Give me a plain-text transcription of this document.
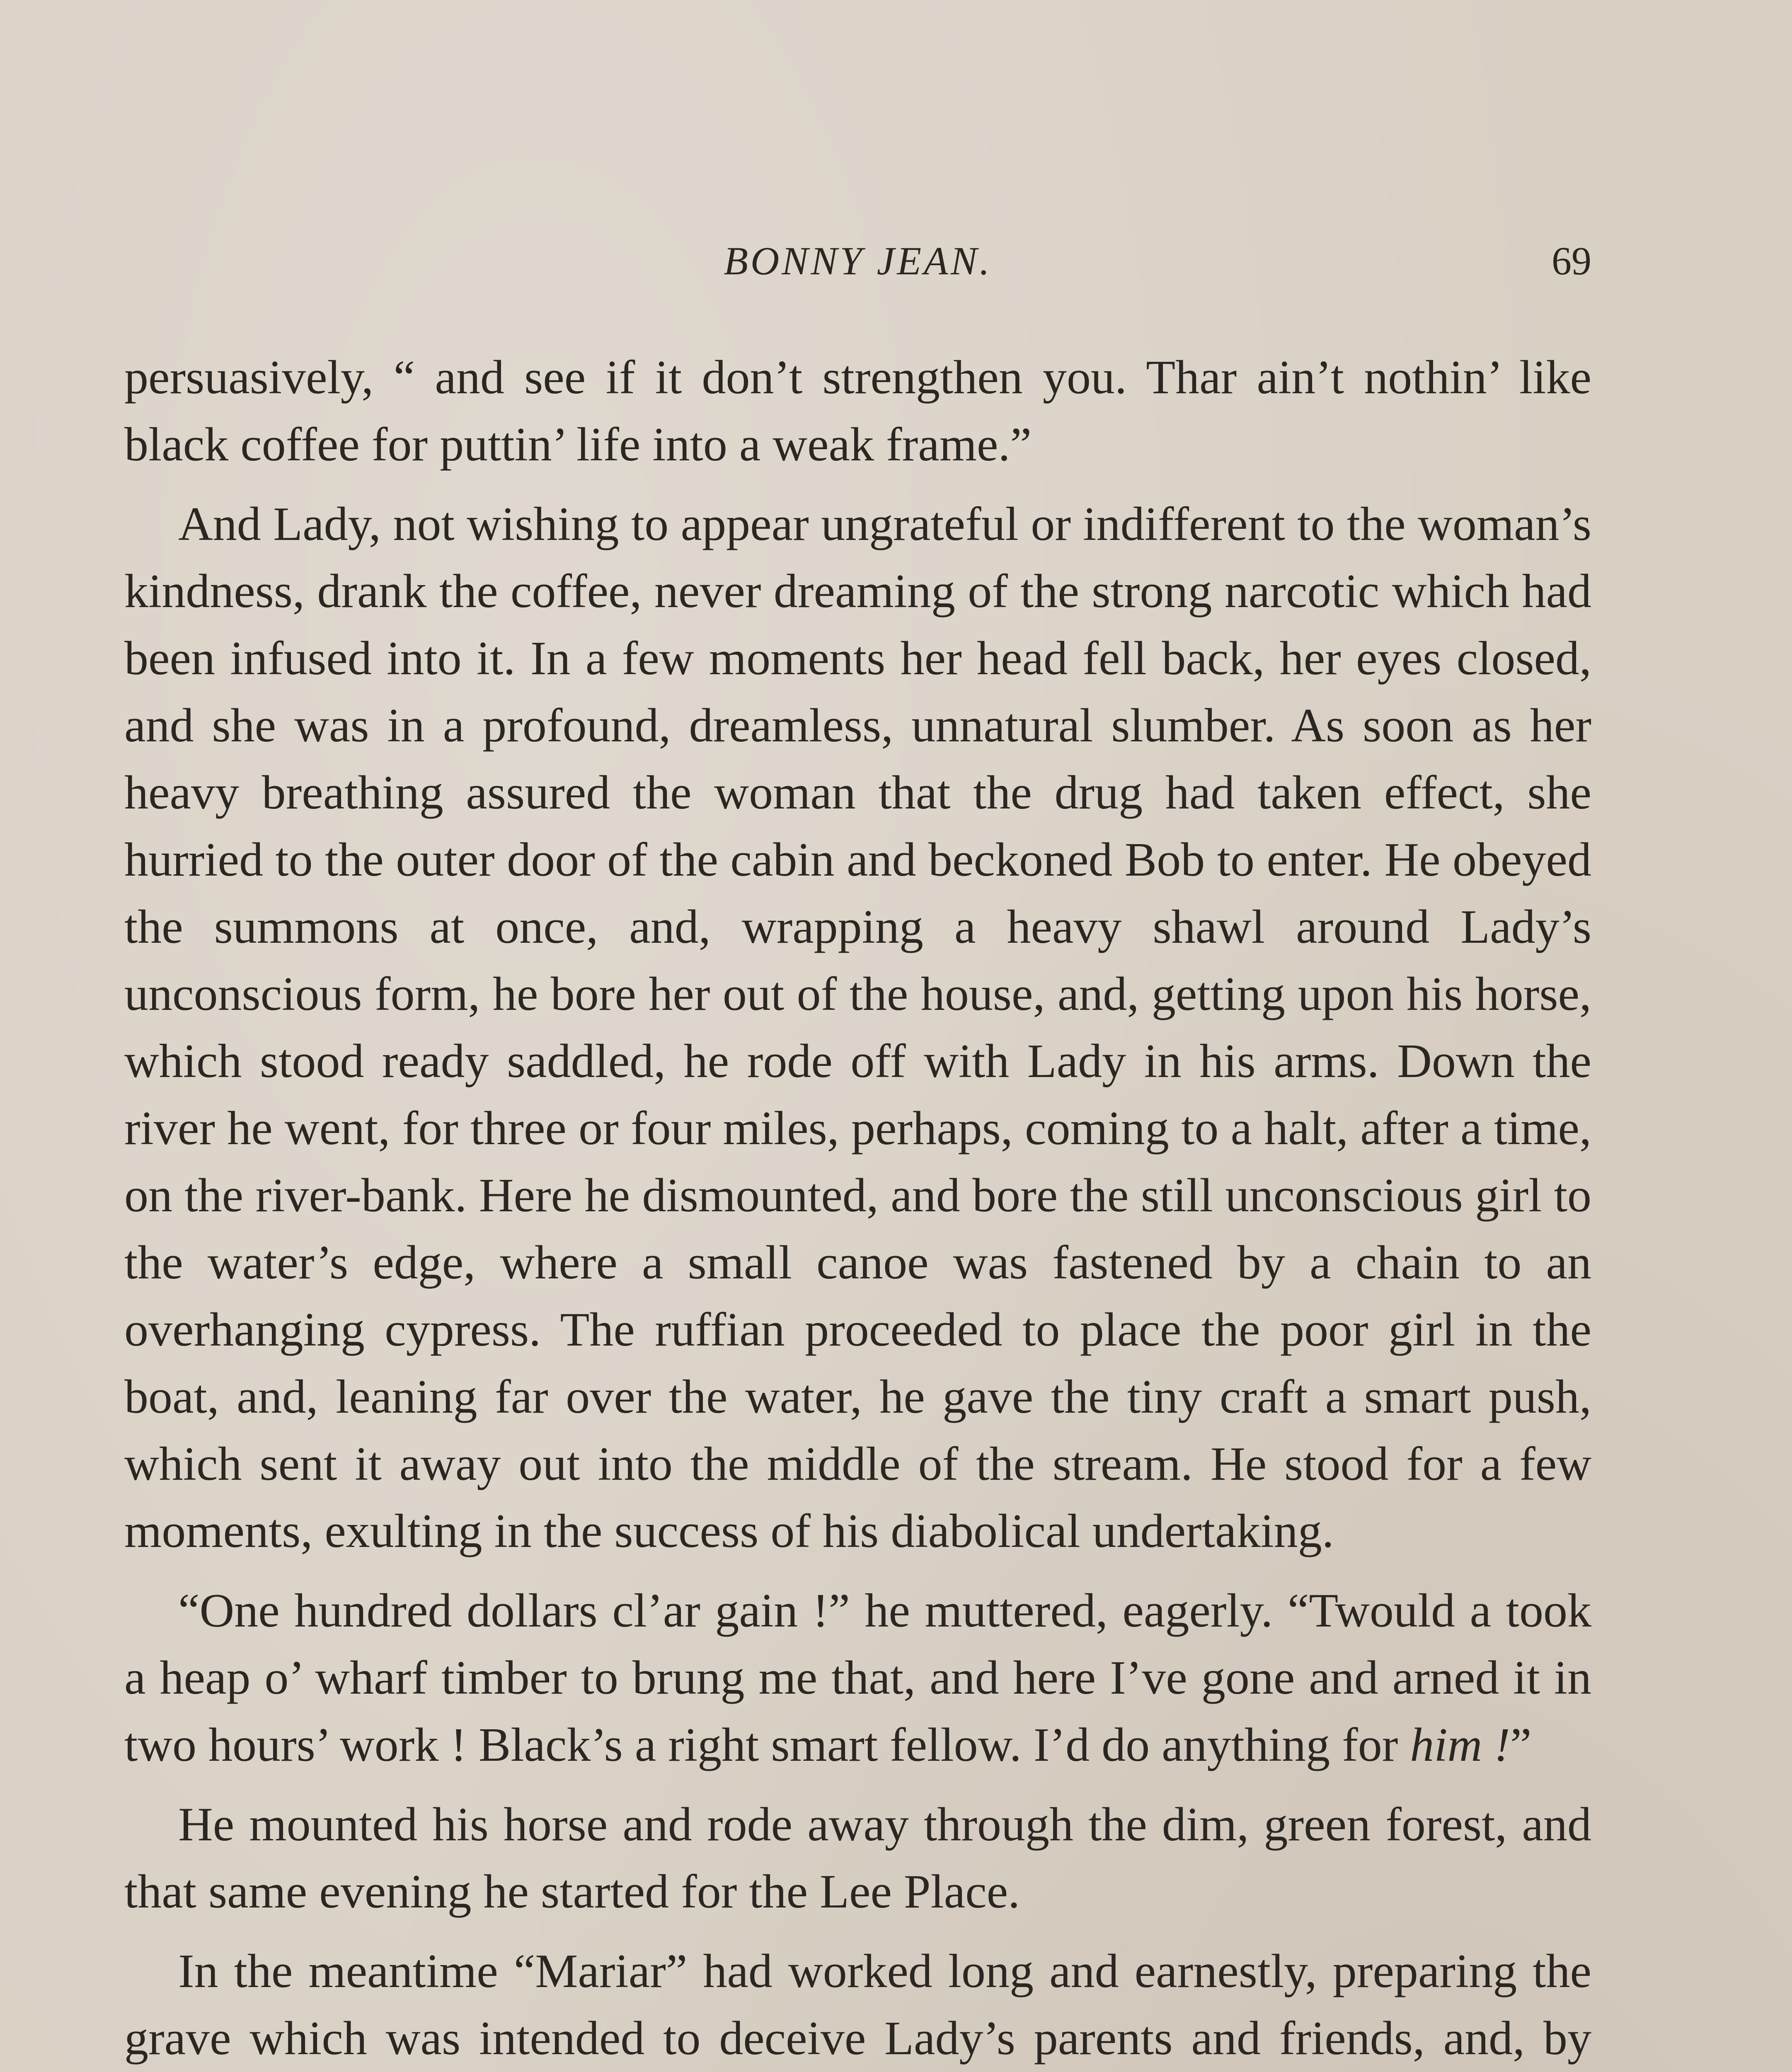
BONNY JEAN.	69

persuasively, “ and see if it don’t strengthen you. Thar ain’t nothin’ like black coffee for puttin’ life into a weak frame.”

And Lady, not wishing to appear ungrateful or indifferent to the woman’s kindness, drank the coffee, never dreaming of the strong narcotic which had been infused into it. In a few moments her head fell back, her eyes closed, and she was in a profound, dreamless, unnatural slumber. As soon as her heavy breathing assured the woman that the drug had taken effect, she hurried to the outer door of the cabin and beckoned Bob to enter. He obeyed the summons at once, and, wrapping a heavy shawl around Lady’s unconscious form, he bore her out of the house, and, getting upon his horse, which stood ready saddled, he rode off with Lady in his arms. Down the river he went, for three or four miles, perhaps, coming to a halt, after a time, on the river-bank. Here he dismounted, and bore the still unconscious girl to the water’s edge, where a small canoe was fastened by a chain to an overhanging cypress. The ruffian proceeded to place the poor girl in the boat, and, leaning far over the water, he gave the tiny craft a smart push, which sent it away out into the middle of the stream. He stood for a few moments, exulting in the success of his diabolical undertaking.

“One hundred dollars cl’ar gain !” he muttered, eagerly. “Twould a took a heap o’ wharf timber to brung me that, and here I’ve gone and arned it in two hours’ work ! Black’s a right smart fellow. I’d do anything for him !”

He mounted his horse and rode away through the dim, green forest, and that same evening he started for the Lee Place.

In the meantime “Mariar” had worked long and earnestly, preparing the grave which was intended to deceive Lady’s parents and friends, and, by
